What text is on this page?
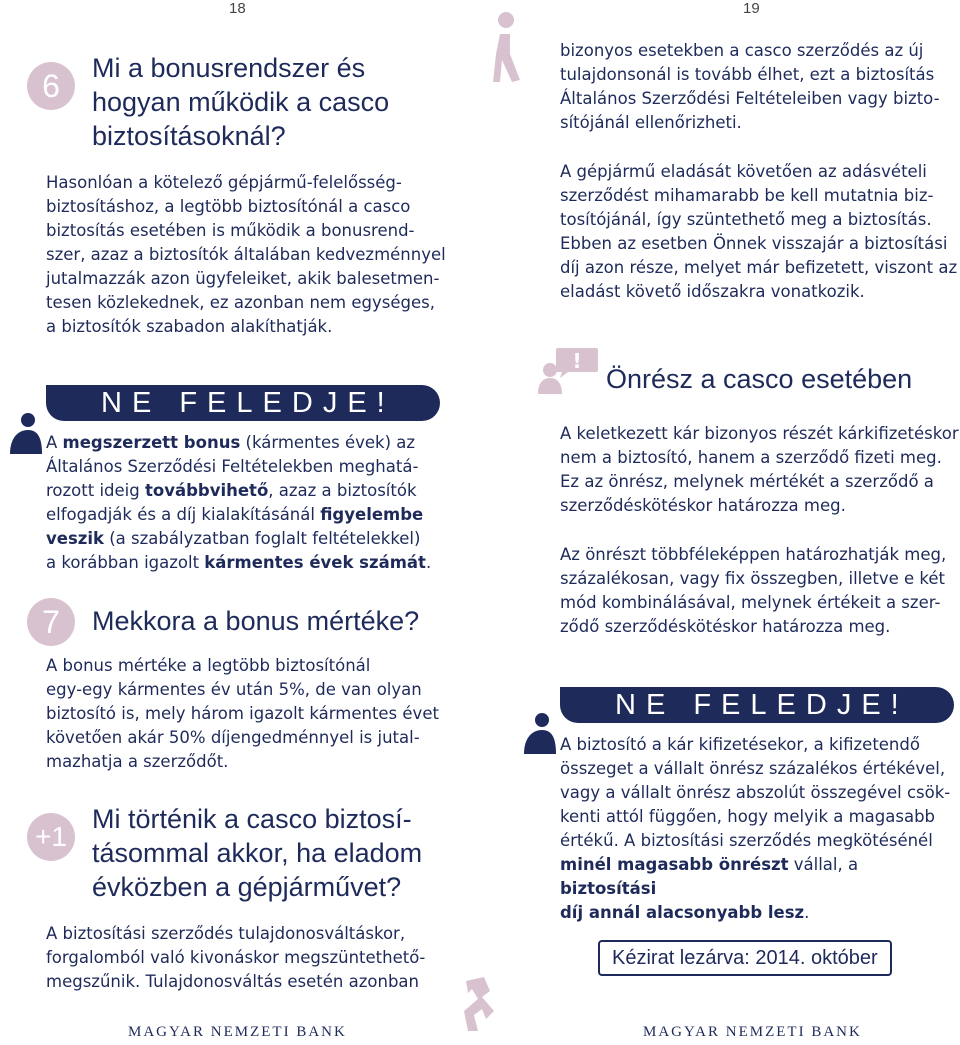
18	19
6	Mi a bonusrendszer és
hogyan működik a casco
biztosításoknál?
Hasonlóan a kötelező gépjármű-felelősség-
biztosításhoz, a legtöbb biztosítónál a casco
biztosítás esetében is működik a bonusrend-
szer, azaz a biztosítók általában kedvezménnyel
jutalmazzák azon ügyfeleiket, akik balesetmen-
tesen közlekednek, ez azonban nem egységes,
a biztosítók szabadon alakíthatják.
NE FELEDJE!
A megszerzett bonus (kármentes évek) az
Általános Szerződési Feltételekben meghatá-
rozott ideig továbbvihető, azaz a biztosítók
elfogadják és a díj kialakításánál figyelembe
veszik (a szabályzatban foglalt feltételekkel)
a korábban igazolt kármentes évek számát.
7	Mekkora a bonus mértéke?
A bonus mértéke a legtöbb biztosítónál
egy-egy kármentes év után 5%, de van olyan
biztosító is, mely három igazolt kármentes évet
követően akár 50% díjengedménnyel is jutal-
mazhatja a szerződőt.
+1
Mi történik a casco biztosí-
tásommal akkor, ha eladom
évközben a gépjárművet?
A biztosítási szerződés tulajdonosváltáskor,
forgalomból való kivonáskor megszüntethető-
megszűnik. Tulajdonosváltás esetén azonban
bizonyos esetekben a casco szerződés az új
tulajdonsonál is tovább élhet, ezt a biztosítás
Általános Szerződési Feltételeiben vagy bizto-
sítójánál ellenőrizheti.
A gépjármű eladását követően az adásvételi
szerződést mihamarabb be kell mutatnia biz-
tosítójánál, így szüntethető meg a biztosítás.
Ebben az esetben Önnek visszajár a biztosítási
díj azon része, melyet már befizetett, viszont az
eladást követő időszakra vonatkozik.
!
Önrész a casco esetében
A keletkezett kár bizonyos részét kárkifizetéskor
nem a biztosító, hanem a szerződő fizeti meg.
Ez az önrész, melynek mértékét a szerződő a
szerződéskötéskor határozza meg.
Az önrészt többféleképpen határozhatják meg,
százalékosan, vagy fix összegben, illetve e két
mód kombinálásával, melynek értékeit a szer-
ződő szerződéskötéskor határozza meg.
NE FELEDJE!
A biztosító a kár kifizetésekor, a kifizetendő
összeget a vállalt önrész százalékos értékével,
vagy a vállalt önrész abszolút összegével csök-
kenti attól függően, hogy melyik a magasabb
értékű. A biztosítási szerződés megkötésénél
minél magasabb önrészt vállal, a biztosítási
díj annál alacsonyabb lesz.
Kézirat lezárva: 2014. október
MAGYAR NEMZETI BANK	MAGYAR NEMZETI BANK
